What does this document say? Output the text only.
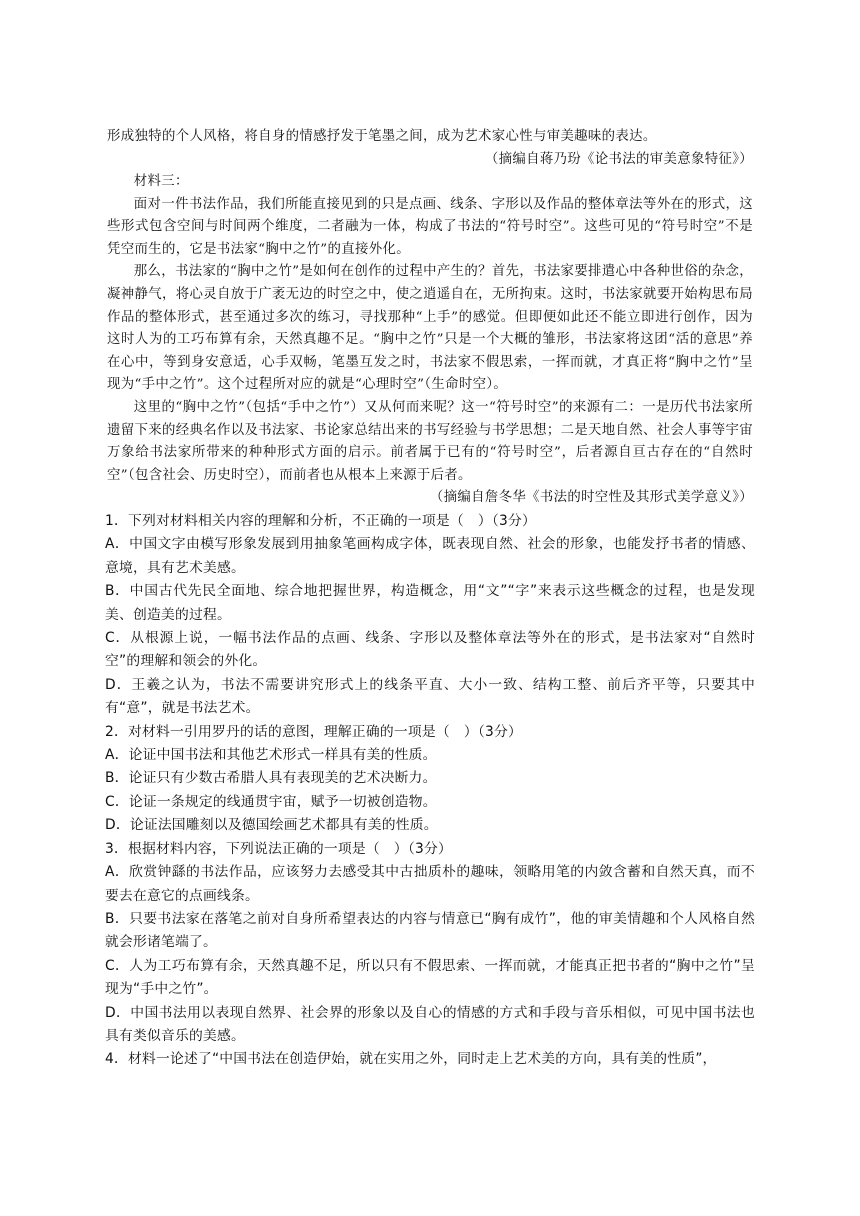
形成独特的个人风格，将自身的情感抒发于笔墨之间，成为艺术家心性与审美趣味的表达。

（摘编自蒋乃玢《论书法的审美意象特征》）

材料三：

面对一件书法作品，我们所能直接见到的只是点画、线条、字形以及作品的整体章法等外在的形式，这些形式包含空间与时间两个维度，二者融为一体，构成了书法的“符号时空”。这些可见的“符号时空”不是凭空而生的，它是书法家“胸中之竹”的直接外化。

那么，书法家的“胸中之竹”是如何在创作的过程中产生的？首先，书法家要排遣心中各种世俗的杂念，凝神静气，将心灵自放于广袤无边的时空之中，使之逍遥自在，无所拘束。这时，书法家就要开始构思布局作品的整体形式，甚至通过多次的练习，寻找那种“上手”的感觉。但即便如此还不能立即进行创作，因为这时人为的工巧布算有余，天然真趣不足。“胸中之竹”只是一个大概的雏形，书法家将这团“活的意思”养在心中，等到身安意适，心手双畅，笔墨互发之时，书法家不假思索，一挥而就，才真正将“胸中之竹”呈现为“手中之竹”。这个过程所对应的就是“心理时空”（生命时空）。

这里的“胸中之竹”（包括“手中之竹”）又从何而来呢？这一“符号时空”的来源有二：一是历代书法家所遗留下来的经典名作以及书法家、书论家总结出来的书写经验与书学思想；二是天地自然、社会人事等宇宙万象给书法家所带来的种种形式方面的启示。前者属于已有的“符号时空”，后者源自亘古存在的“自然时空”（包含社会、历史时空），而前者也从根本上来源于后者。

（摘编自詹冬华《书法的时空性及其形式美学意义》）

1．下列对材料相关内容的理解和分析，不正确的一项是（　）（3分）

A．中国文字由模写形象发展到用抽象笔画构成字体，既表现自然、社会的形象，也能发抒书者的情感、意境，具有艺术美感。

B．中国古代先民全面地、综合地把握世界，构造概念，用“文”“字”来表示这些概念的过程，也是发现美、创造美的过程。

C．从根源上说，一幅书法作品的点画、线条、字形以及整体章法等外在的形式，是书法家对“自然时空”的理解和领会的外化。

D．王羲之认为，书法不需要讲究形式上的线条平直、大小一致、结构工整、前后齐平等，只要其中有“意”，就是书法艺术。

2．对材料一引用罗丹的话的意图，理解正确的一项是（　）（3分）

A．论证中国书法和其他艺术形式一样具有美的性质。

B．论证只有少数古希腊人具有表现美的艺术决断力。

C．论证一条规定的线通贯宇宙，赋予一切被创造物。

D．论证法国雕刻以及德国绘画艺术都具有美的性质。

3．根据材料内容，下列说法正确的一项是（　）（3分）

A．欣赏钟繇的书法作品，应该努力去感受其中古拙质朴的趣味，领略用笔的内敛含蓄和自然天真，而不要去在意它的点画线条。

B．只要书法家在落笔之前对自身所希望表达的内容与情意已“胸有成竹”，他的审美情趣和个人风格自然就会形诸笔端了。

C．人为工巧布算有余，天然真趣不足，所以只有不假思索、一挥而就，才能真正把书者的“胸中之竹”呈现为“手中之竹”。

D．中国书法用以表现自然界、社会界的形象以及自心的情感的方式和手段与音乐相似，可见中国书法也具有类似音乐的美感。

4．材料一论述了“中国书法在创造伊始，就在实用之外，同时走上艺术美的方向，具有美的性质”，
